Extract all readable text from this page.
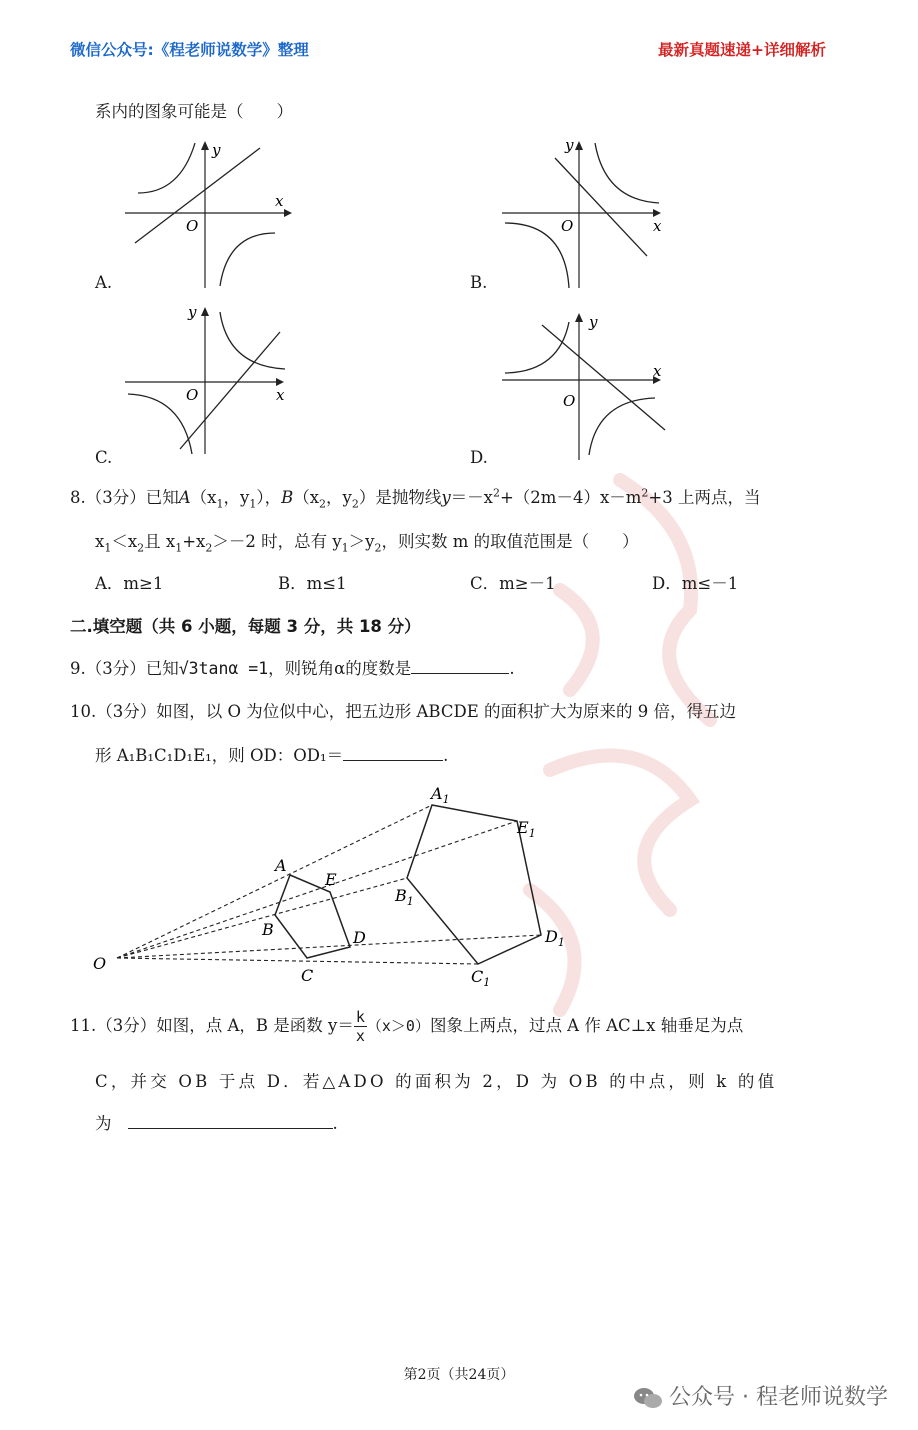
微信公众号:《程老师说数学》整理	最新真题速递+详细解析
系内的图象可能是（　　）
y
x
O
A.
y
x
O
B.
y
x
O
C.
y
x
O
D.
8.（3分）已知$A(x_1$，$y_1$），$B(x_2$，$y_2$）是抛物线$y=-x^2+(2m-4)x-m^2+3$ 上两点，当
$x_1<x_2$且 $x_1+x_2>-2$ 时，总有 $y_1>y_2$，则实数 m 的取值范围是（　　）
A．m≥1	B．m≤1	C．m≥－1	D．m≤－1
二.填空题（共 6 小题，每题 3 分，共 18 分）
9.（3分）已知√3tanα =1，则锐角α的度数是	.
10.（3分）如图，以 O 为位似中心，把五边形 ABCDE 的面积扩大为原来的 9 倍，得五边
形 A₁B₁C₁D₁E₁，则 OD：OD₁＝	.
O
A
E
B	D
C
$A_1$
$E_1$
$B_1$
$D_1$
$C_1$
11.（3分）如图，点 A，B 是函数 $y= \frac{k}{x} (x>0)$图象上两点，过点 A 作 AC⊥x 轴垂足为点
C，并交 OB 于点 D．若△ADO 的面积为 2，D 为 OB 的中点，则 k 的值
为	.
第2页（共24页）
公众号 · 程老师说数学
